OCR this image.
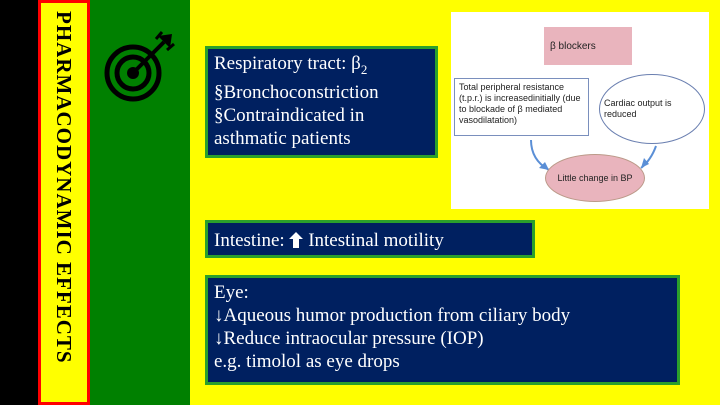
PHARMACODYNAMIC EFFECTS	Respiratory tract: $\beta_2$
§Bronchoconstriction
§Contraindicated in
asthmatic patients
Intestine:  Intestinal motility
Eye:
↓Aqueous humor production from ciliary body
↓Reduce intraocular pressure (IOP)
e.g. timolol as eye drops
β blockers
Total peripheral resistance (t.p.r.) is increasedinitially (due to blockade of β mediated vasodilatation)
Cardiac output is reduced
Little change in BP
